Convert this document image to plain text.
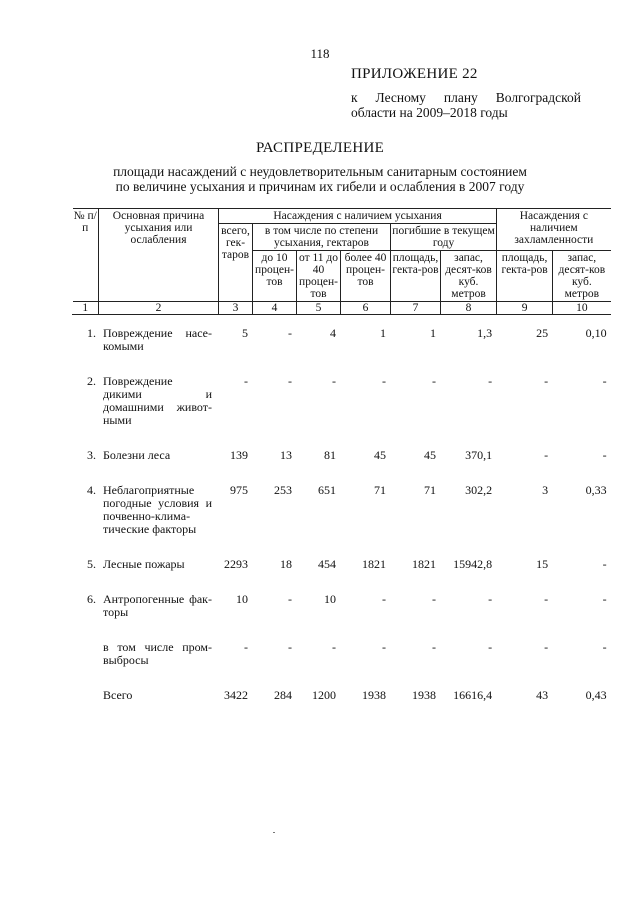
118
ПРИЛОЖЕНИЕ 22
к Лесному плану Волгоградской области на 2009–2018 годы
РАСПРЕДЕЛЕНИЕ
площади насаждений с неудовлетворительным санитарным состоянием
по величине усыхания и причинам их гибели и ослабления в 2007 году
№ п/п	Основная причина усыхания или ослабления	Насаждения с наличием усыхания						Насаждения с наличием захламленности	
		всего, гек-таров	в том числе по степени усыхания, гектаров			погибшие в текущем году			
			до 10 процен-тов	от 11 до 40 процен-тов	более 40 процен-тов	площадь, гекта-ров	запас, десят-ков куб. метров	площадь, гекта-ров	запас, десят-ков куб. метров
1	2	3	4	5	6	7	8	9	10
1.	Повреждение насе-комыми	5	-	4	1	1	1,3	25	0,10
2.	Повреждение дикими и домашними живот-ными	-	-	-	-	-	-	-	-
3.	Болезни леса	139	13	81	45	45	370,1	-	-
4.	Неблагоприятные погодные условия и почвенно-климa-тические факторы	975	253	651	71	71	302,2	3	0,33
5.	Лесные пожары	2293	18	454	1821	1821	15942,8	15	-
6.	Антропогенные фак-торы	10	-	10	-	-	-	-	-
	в том числе пром-выбросы	-	-	-	-	-	-	-	-
	Всего	3422	284	1200	1938	1938	16616,4	43	0,43
